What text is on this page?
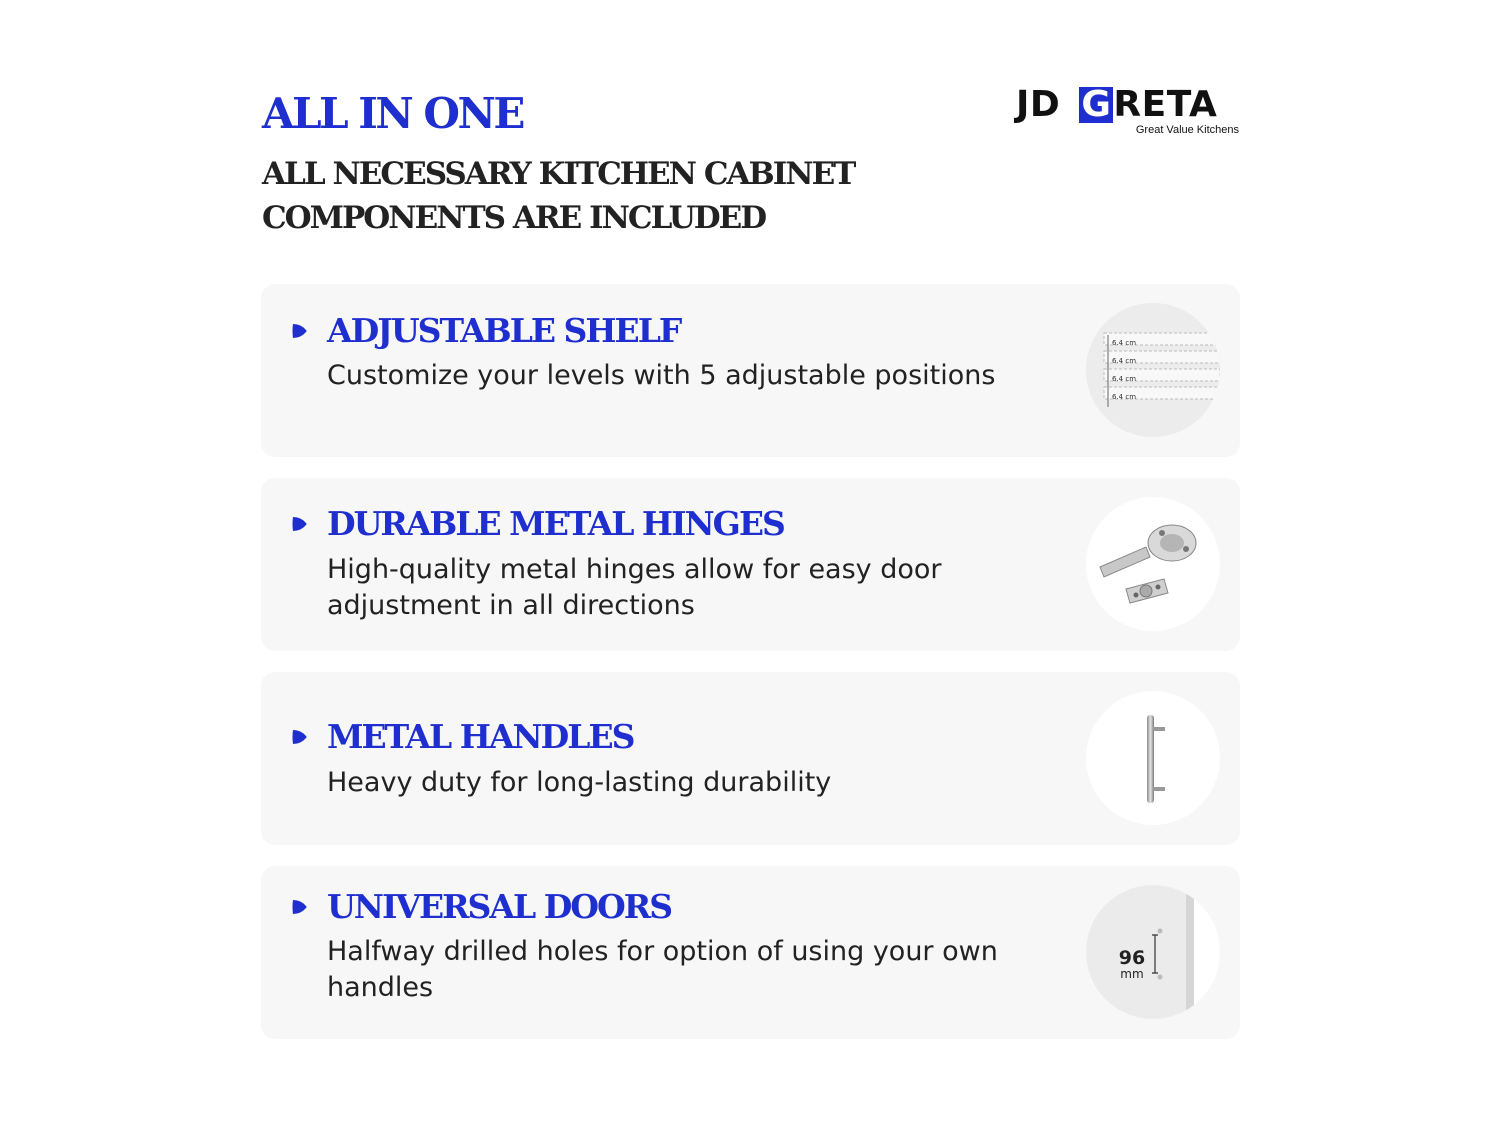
ALL IN ONE
ALL NECESSARY KITCHEN CABINET COMPONENTS ARE INCLUDED
JD GRETA
Great Value Kitchens
ADJUSTABLE SHELF

Customize your levels with 5 adjustable positions

6.4 cm
6.4 cm
6.4 cm
6.4 cm
DURABLE METAL HINGES

High-quality metal hinges allow for easy door adjustment in all directions

METAL HANDLES

Heavy duty for long-lasting durability

UNIVERSAL DOORS

Halfway drilled holes for option of using your own handles

96
mm
